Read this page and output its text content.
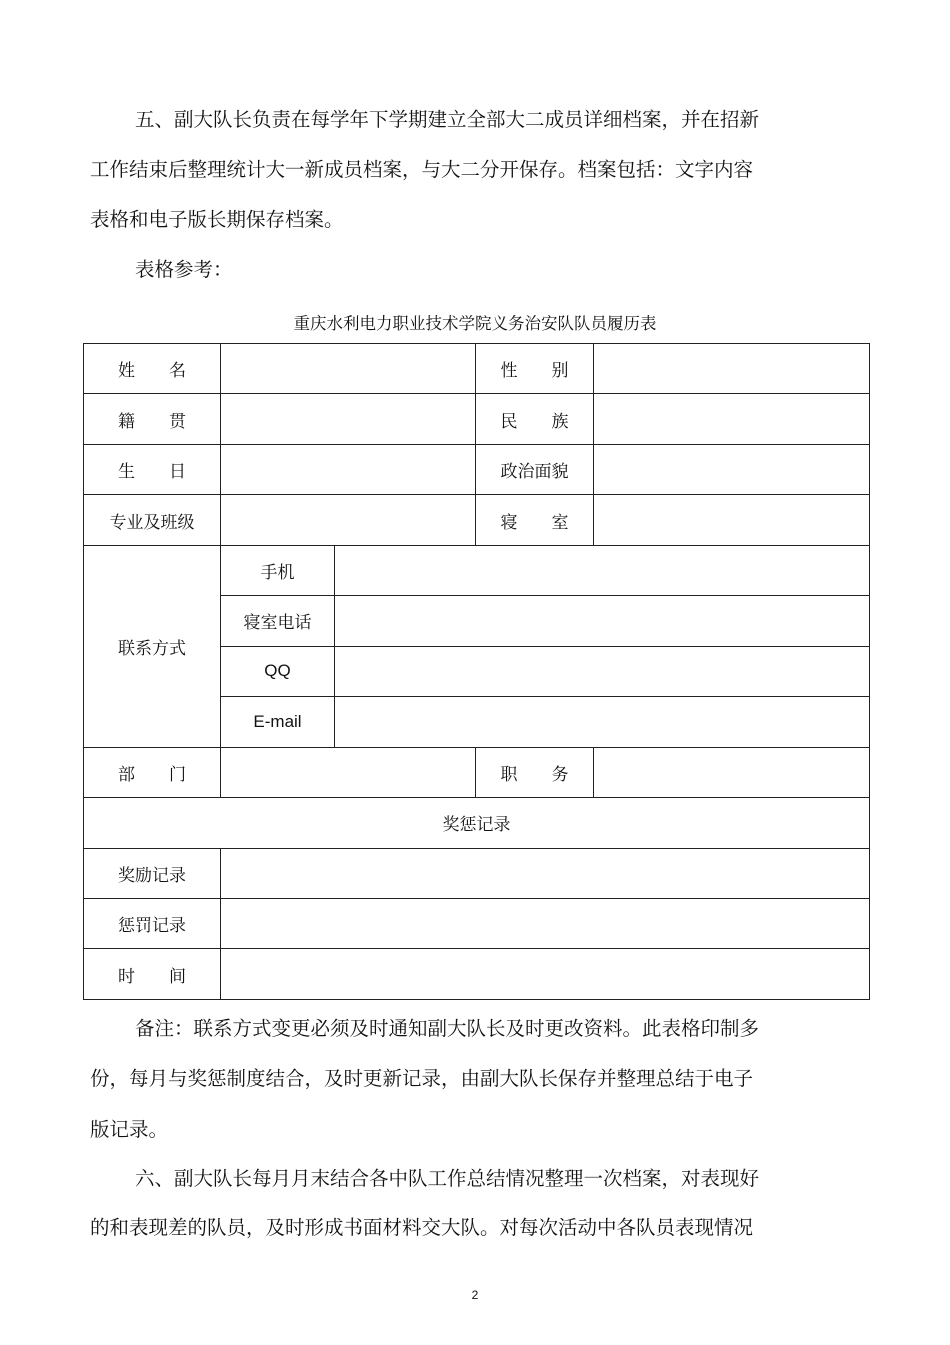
五、副大队长负责在每学年下学期建立全部大二成员详细档案，并在招新
工作结束后整理统计大一新成员档案，与大二分开保存。档案包括：文字内容
表格和电子版长期保存档案。
表格参考：
重庆水利电力职业技术学院义务治安队队员履历表
姓　　名			性　　别	
籍　　贯			民　　族	
生　　日			政治面貌	
专业及班级			寝　　室	
联系方式	手机			
	寝室电话			
	QQ			
	E-mail			
部　　门			职　　务	
奖惩记录				
奖励记录				
惩罚记录				
时　　间				
备注：联系方式变更必须及时通知副大队长及时更改资料。此表格印制多
份，每月与奖惩制度结合，及时更新记录，由副大队长保存并整理总结于电子
版记录。
六、副大队长每月月末结合各中队工作总结情况整理一次档案，对表现好
的和表现差的队员，及时形成书面材料交大队。对每次活动中各队员表现情况
2
